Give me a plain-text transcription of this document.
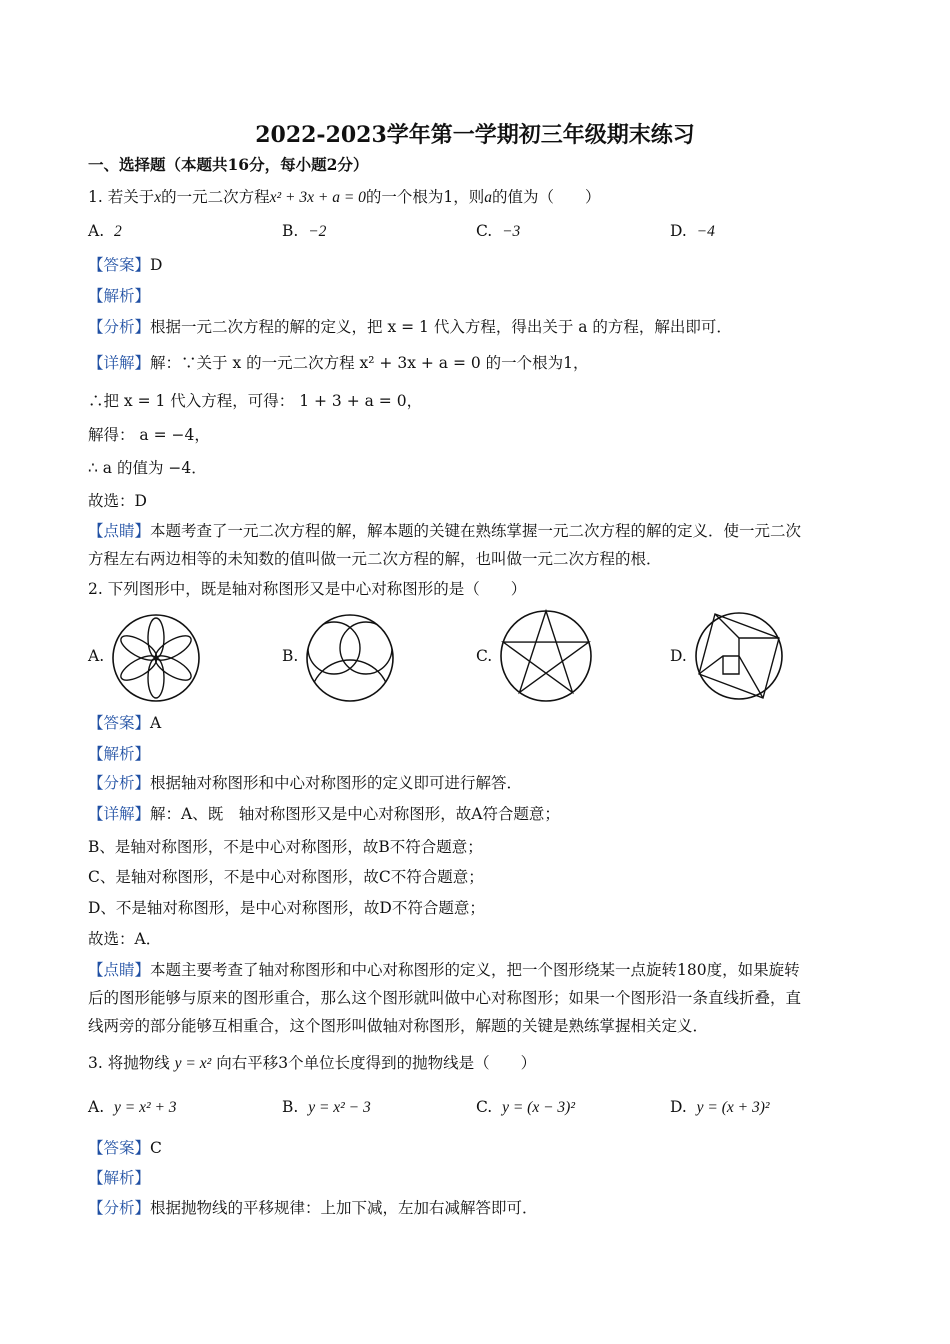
2022-2023学年第一学期初三年级期末练习
一、选择题（本题共16分，每小题2分）
1. 若关于x的一元二次方程x² + 3x + a = 0的一个根为1，则a的值为（　　）
A. 2	B. −2	C. −3	D. −4
【答案】D
【解析】
【分析】根据一元二次方程的解的定义，把 x = 1 代入方程，得出关于 a 的方程，解出即可．
【详解】解：∵关于 x 的一元二次方程 x² + 3x + a = 0 的一个根为1，
∴把 x = 1 代入方程，可得： 1 + 3 + a = 0，
解得： a = −4，
∴ a 的值为 −4．
故选：D
【点睛】本题考查了一元二次方程的解，解本题的关键在熟练掌握一元二次方程的解的定义．使一元二次
方程左右两边相等的未知数的值叫做一元二次方程的解，也叫做一元二次方程的根．
2. 下列图形中，既是轴对称图形又是中心对称图形的是（　　）
A.	B.	C.	D.
【答案】A
【解析】
【分析】根据轴对称图形和中心对称图形的定义即可进行解答．
【详解】解：A、既　轴对称图形又是中心对称图形，故A符合题意；
B、是轴对称图形，不是中心对称图形，故B不符合题意；
C、是轴对称图形，不是中心对称图形，故C不符合题意；
D、不是轴对称图形，是中心对称图形，故D不符合题意；
故选：A．
【点睛】本题主要考查了轴对称图形和中心对称图形的定义，把一个图形绕某一点旋转180度，如果旋转
后的图形能够与原来的图形重合，那么这个图形就叫做中心对称图形；如果一个图形沿一条直线折叠，直
线两旁的部分能够互相重合，这个图形叫做轴对称图形，解题的关键是熟练掌握相关定义．
3. 将抛物线 y = x² 向右平移3个单位长度得到的抛物线是（　　）
A. y = x² + 3	B. y = x² − 3	C. y = (x − 3)²	D. y = (x + 3)²
【答案】C
【解析】
【分析】根据抛物线的平移规律：上加下减，左加右减解答即可．
